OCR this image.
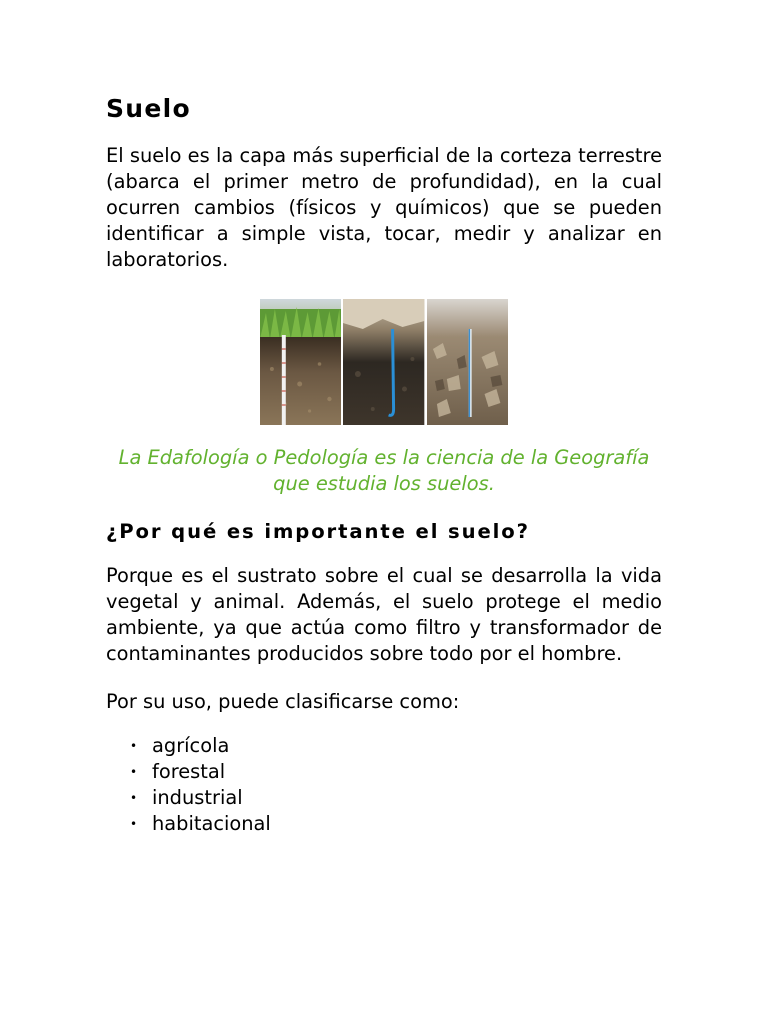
Suelo

El suelo es la capa más superficial de la corteza terrestre (abarca el primer metro de profundidad), en la cual ocurren cambios (físicos y químicos) que se pueden identificar a simple vista, tocar, medir y analizar en laboratorios.

La Edafología o Pedología es la ciencia de la Geografía que estudia los suelos.

¿Por qué es importante el suelo?

Porque es el sustrato sobre el cual se desarrolla la vida vegetal y animal. Además, el suelo protege el medio ambiente, ya que actúa como filtro y transformador de contaminantes producidos sobre todo por el hombre.

Por su uso, puede clasificarse como:

• agrícola
• forestal
• industrial
• habitacional
